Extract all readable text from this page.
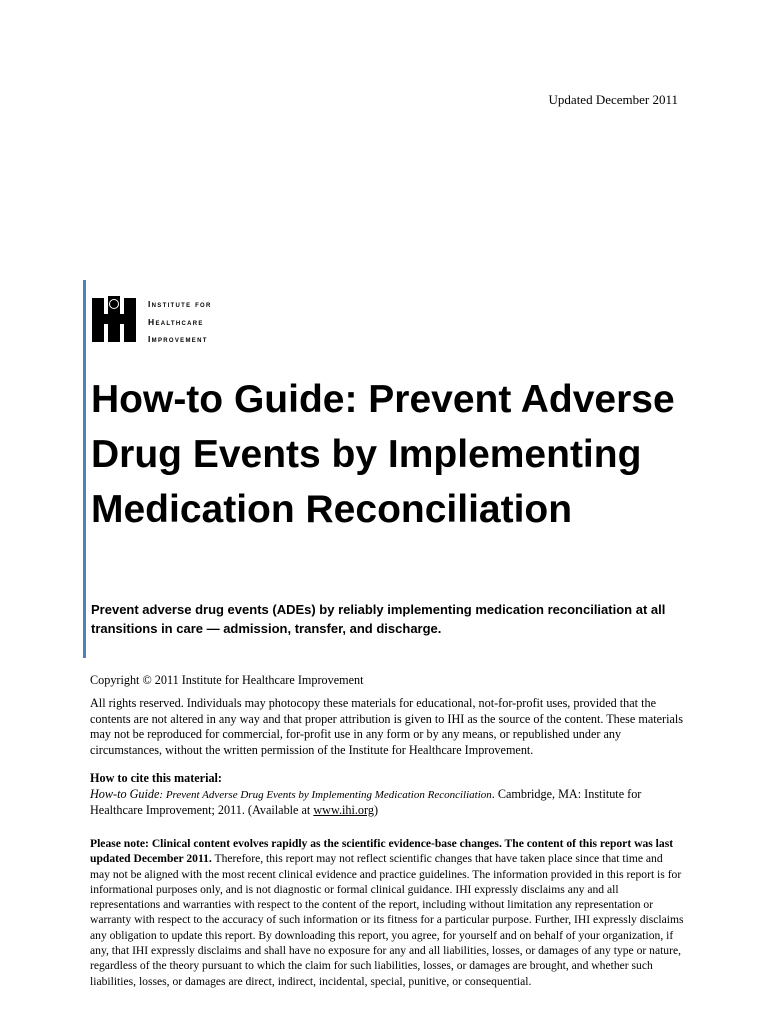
Updated December 2011
Institute for
Healthcare
Improvement
How-to Guide: Prevent Adverse Drug Events by Implementing Medication Reconciliation

Prevent adverse drug events (ADEs) by reliably implementing medication reconciliation at all transitions in care — admission, transfer, and discharge.

Copyright © 2011 Institute for Healthcare Improvement
All rights reserved. Individuals may photocopy these materials for educational, not-for-profit uses, provided that the contents are not altered in any way and that proper attribution is given to IHI as the source of the content. These materials may not be reproduced for commercial, for-profit use in any form or by any means, or republished under any circumstances, without the written permission of the Institute for Healthcare Improvement.
How to cite this material:
How-to Guide: Prevent Adverse Drug Events by Implementing Medication Reconciliation. Cambridge, MA: Institute for Healthcare Improvement; 2011. (Available at www.ihi.org)
Please note: Clinical content evolves rapidly as the scientific evidence-base changes. The content of this report was last updated December 2011. Therefore, this report may not reflect scientific changes that have taken place since that time and may not be aligned with the most recent clinical evidence and practice guidelines. The information provided in this report is for informational purposes only, and is not diagnostic or formal clinical guidance. IHI expressly disclaims any and all representations and warranties with respect to the content of the report, including without limitation any representation or warranty with respect to the accuracy of such information or its fitness for a particular purpose. Further, IHI expressly disclaims any obligation to update this report. By downloading this report, you agree, for yourself and on behalf of your organization, if any, that IHI expressly disclaims and shall have no exposure for any and all liabilities, losses, or damages of any type or nature, regardless of the theory pursuant to which the claim for such liabilities, losses, or damages are brought, and whether such liabilities, losses, or damages are direct, indirect, incidental, special, punitive, or consequential.
